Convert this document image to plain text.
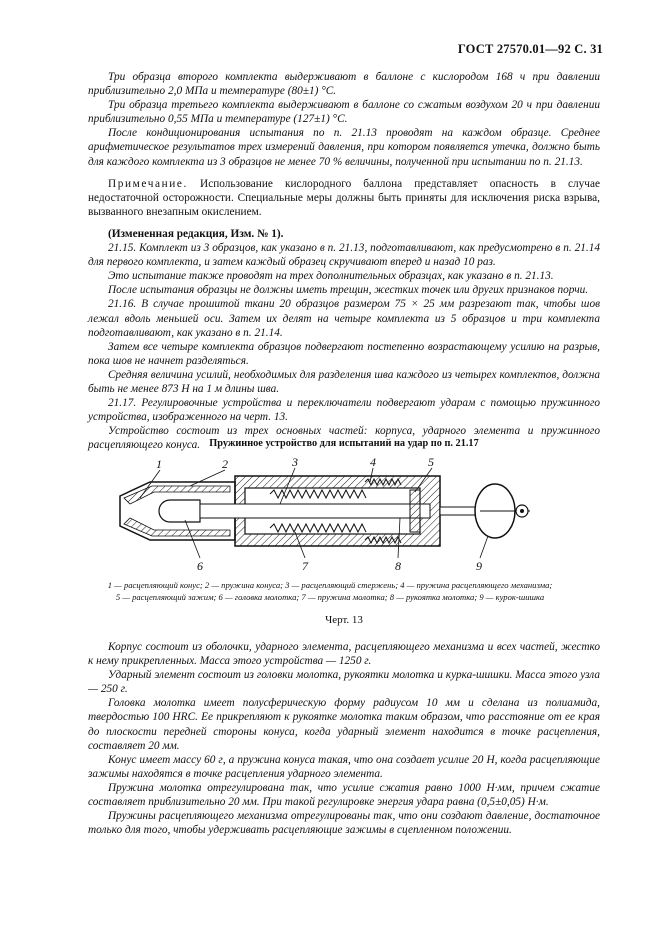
ГОСТ 27570.01—92 С. 31

Три образца второго комплекта выдерживают в баллоне с кислородом 168 ч при давлении приблизительно 2,0 МПа и температуре (80±1) °С.

Три образца третьего комплекта выдерживают в баллоне со сжатым воздухом 20 ч при давлении приблизительно 0,55 МПа и температуре (127±1) °С.

После кондиционирования испытания по п. 21.13 проводят на каждом образце. Среднее арифметическое результатов трех измерений давления, при котором появляется утечка, должно быть для каждого комплекта из 3 образцов не менее 70 % величины, полученной при испытании по п. 21.13.

Примечание. Использование кислородного баллона представляет опасность в случае недостаточной осторожности. Специальные меры должны быть приняты для исключения риска взрыва, вызванного внезапным окислением.

(Измененная редакция, Изм. № 1).

21.15. Комплект из 3 образцов, как указано в п. 21.13, подготавливают, как предусмотрено в п. 21.14 для первого комплекта, и затем каждый образец скручивают вперед и назад 10 раз.

Это испытание также проводят на трех дополнительных образцах, как указано в п. 21.13.

После испытания образцы не должны иметь трещин, жестких точек или других признаков порчи.

21.16. В случае прошитой ткани 20 образцов размером 75 × 25 мм разрезают так, чтобы шов лежал вдоль меньшей оси. Затем их делят на четыре комплекта из 5 образцов и три комплекта подготавливают, как указано в п. 21.14.

Затем все четыре комплекта образцов подвергают постепенно возрастающему усилию на разрыв, пока шов не начнет разделяться.

Средняя величина усилий, необходимых для разделения шва каждого из четырех комплектов, должна быть не менее 873 Н на 1 м длины шва.

21.17. Регулировочные устройства и переключатели подвергают ударам с помощью пружинного устройства, изображенного на черт. 13.

Устройство состоит из трех основных частей: корпуса, ударного элемента и пружинного расцепляющего конуса. Пружинное устройство для испытаний на удар по п. 21.17
1	2	3	4	5
6	7	8	9
1 — расцепляющий конус; 2 — пружина конуса; 3 — расцепляющий стержень; 4 — пружина расцепляющего механизма;
5 — расцепляющий зажим; 6 — головка молотка; 7 — пружина молотка; 8 — рукоятка молотка; 9 — курок-шишка
Черт. 13

Корпус состоит из оболочки, ударного элемента, расцепляющего механизма и всех частей, жестко к нему прикрепленных. Масса этого устройства — 1250 г.

Ударный элемент состоит из головки молотка, рукоятки молотка и курка-шишки. Масса этого узла — 250 г.

Головка молотка имеет полусферическую форму радиусом 10 мм и сделана из полиамида, твердостью 100 HRC. Ее прикрепляют к рукоятке молотка таким образом, что расстояние от ее края до плоскости передней стороны конуса, когда ударный элемент находится в точке расцепления, составляет 20 мм.

Конус имеет массу 60 г, а пружина конуса такая, что она создает усилие 20 Н, когда расцепляющие зажимы находятся в точке расцепления ударного элемента.

Пружина молотка отрегулирована так, что усилие сжатия равно 1000 Н·мм, причем сжатие составляет приблизительно 20 мм. При такой регулировке энергия удара равна (0,5±0,05) Н·м.

Пружины расцепляющего механизма отрегулированы так, что они создают давление, достаточное только для того, чтобы удерживать расцепляющие зажимы в сцепленном положении.
